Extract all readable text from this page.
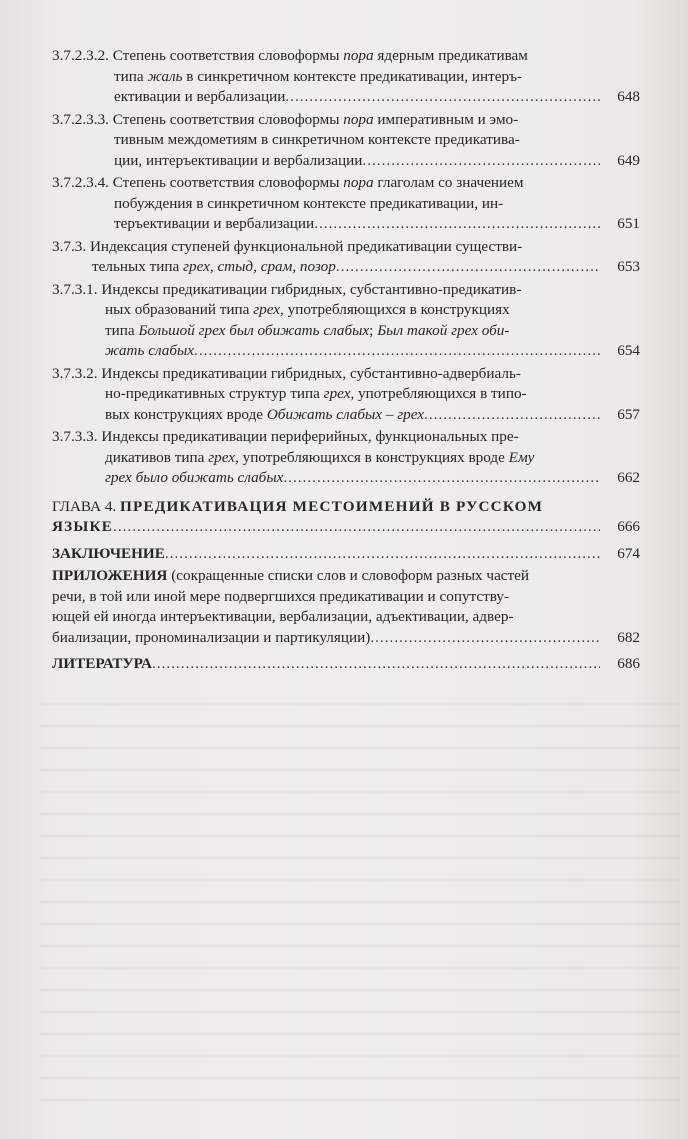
3.7.2.3.2. Степень соответствия словоформы пора ядерным предикативам
типа жаль в синкретичном контексте предикативации, интеръ-
ективации и вербализации .....	648
3.7.2.3.3. Степень соответствия словоформы пора императивным и эмо-
тивным междометиям в синкретичном контексте предикатива-
ции, интеръективации и вербализации .....	649
3.7.2.3.4. Степень соответствия словоформы пора глаголам со значением
побуждения в синкретичном контексте предикативации, ин-
теръективации и вербализации .....	651
3.7.3. Индексация ступеней функциональной предикативации существи-
тельных типа грех, стыд, срам, позор .....	653
3.7.3.1. Индексы предикативации гибридных, субстантивно-предикатив-
ных образований типа грех, употребляющихся в конструкциях
типа Большой грех был обижать слабых; Был такой грех оби-
жать слабых .....	654
3.7.3.2. Индексы предикативации гибридных, субстантивно-адвербиаль-
но-предикативных структур типа грех, употребляющихся в типо-
вых конструкциях вроде Обижать слабых – грех .....	657
3.7.3.3. Индексы предикативации периферийных, функциональных пре-
дикативов типа грех, употребляющихся в конструкциях вроде Ему
грех было обижать слабых .....	662
ГЛАВА 4. ПРЕДИКАТИВАЦИЯ МЕСТОИМЕНИЙ В РУССКОМ
ЯЗЫКЕ .....	666
ЗАКЛЮЧЕНИЕ .....	674
ПРИЛОЖЕНИЯ (сокращенные списки слов и словоформ разных частей
речи, в той или иной мере подвергшихся предикативации и сопутству-
ющей ей иногда интеръективации, вербализации, адъективации, адвер-
биализации, прономинализации и партикуляции) .....	682
ЛИТЕРАТУРА .....	686
